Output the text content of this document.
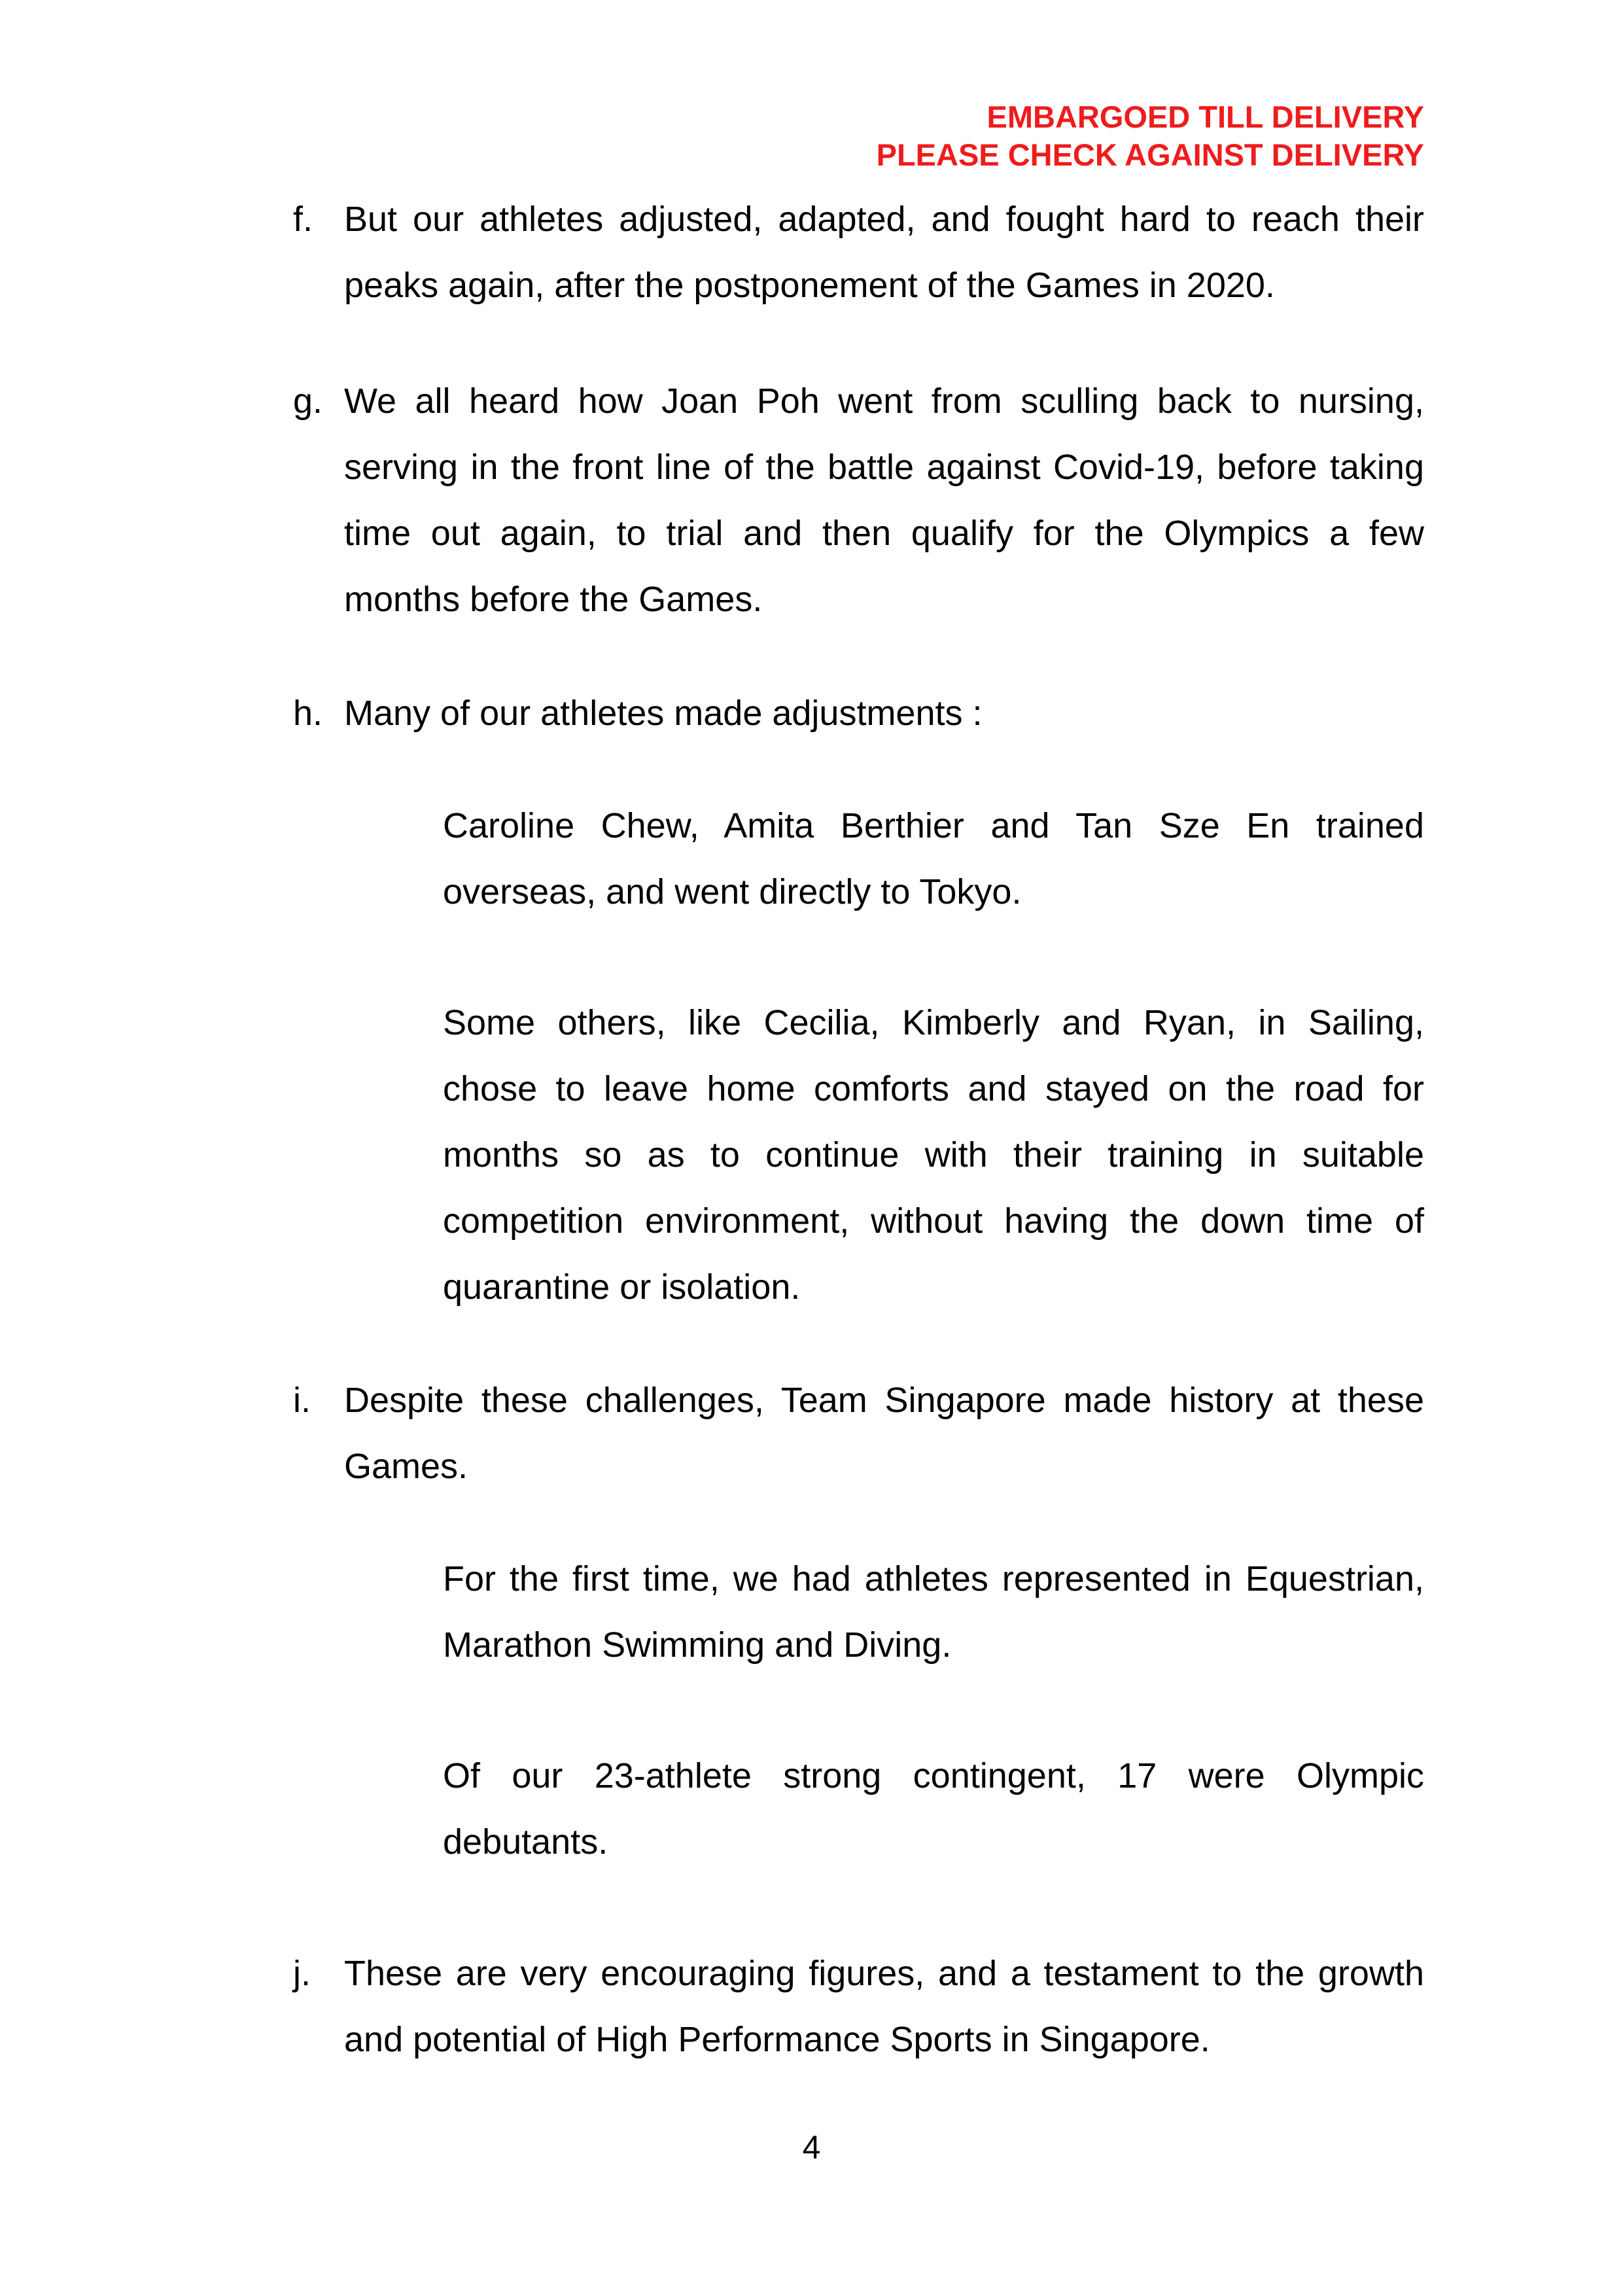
EMBARGOED TILL DELIVERY
PLEASE CHECK AGAINST DELIVERY
f. But our athletes adjusted, adapted, and fought hard to reach their peaks again, after the postponement of the Games in 2020.
g. We all heard how Joan Poh went from sculling back to nursing, serving in the front line of the battle against Covid-19, before taking time out again, to trial and then qualify for the Olympics a few months before the Games.
h. Many of our athletes made adjustments :
Caroline Chew, Amita Berthier and Tan Sze En trained overseas, and went directly to Tokyo.
Some others, like Cecilia, Kimberly and Ryan, in Sailing, chose to leave home comforts and stayed on the road for months so as to continue with their training in suitable competition environment, without having the down time of quarantine or isolation.
i. Despite these challenges, Team Singapore made history at these Games.
For the first time, we had athletes represented in Equestrian, Marathon Swimming and Diving.
Of our 23-athlete strong contingent, 17 were Olympic debutants.
j. These are very encouraging figures, and a testament to the growth and potential of High Performance Sports in Singapore.
4
